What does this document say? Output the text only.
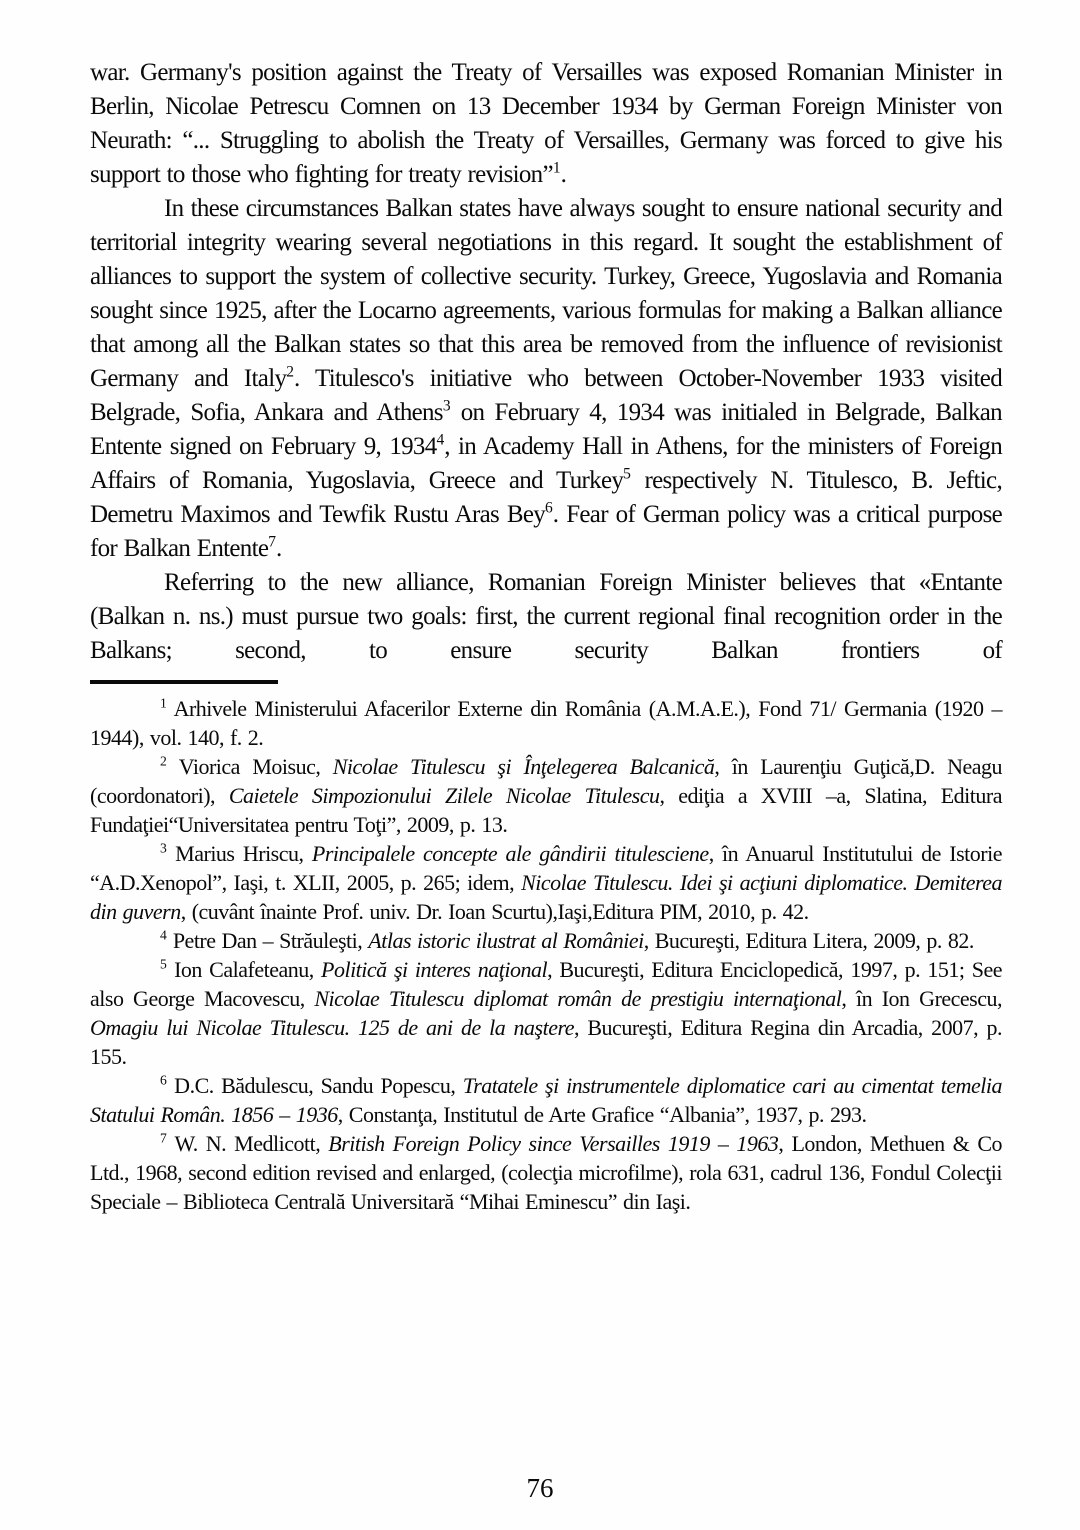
war. Germany's position against the Treaty of Versailles was exposed Romanian Minister in Berlin, Nicolae Petrescu Comnen on 13 December 1934 by German Foreign Minister von Neurath: “... Struggling to abolish the Treaty of Versailles, Germany was forced to give his support to those who fighting for treaty revision”$^1$.

In these circumstances Balkan states have always sought to ensure national security and territorial integrity wearing several negotiations in this regard. It sought the establishment of alliances to support the system of collective security. Turkey, Greece, Yugoslavia and Romania sought since 1925, after the Locarno agreements, various formulas for making a Balkan alliance that among all the Balkan states so that this area be removed from the influence of revisionist Germany and Italy$^2$. Titulesco's initiative who between October-November 1933 visited Belgrade, Sofia, Ankara and Athens$^3$ on February 4, 1934 was initialed in Belgrade, Balkan Entente signed on February 9, 1934$^4$, in Academy Hall in Athens, for the ministers of Foreign Affairs of Romania, Yugoslavia, Greece and Turkey$^5$ respectively N. Titulesco, B. Jeftic, Demetru Maximos and Tewfik Rustu Aras Bey$^6$. Fear of German policy was a critical purpose for Balkan Entente$^7$.

Referring to the new alliance, Romanian Foreign Minister believes that «Entante (Balkan n. ns.) must pursue two goals: first, the current regional final recognition order in the Balkans; second, to ensure security Balkan frontiers of

$^1$ Arhivele Ministerului Afacerilor Externe din România (A.M.A.E.), Fond 71/ Germania (1920 – 1944), vol. 140, f. 2.

$^2$ Viorica Moisuc, Nicolae Titulescu şi Înţelegerea Balcanică, în Laurenţiu Guţică,D. Neagu (coordonatori), Caietele Simpozionului Zilele Nicolae Titulescu, ediţia a XVIII –a, Slatina, Editura Fundaţiei“Universitatea pentru Toţi”, 2009, p. 13.

$^3$ Marius Hriscu, Principalele concepte ale gândirii titulesciene, în Anuarul Institutului de Istorie “A.D.Xenopol”, Iaşi, t. XLII, 2005, p. 265; idem, Nicolae Titulescu. Idei şi acţiuni diplomatice. Demiterea din guvern, (cuvânt înainte Prof. univ. Dr. Ioan Scurtu),Iaşi,Editura PIM, 2010, p. 42.

$^4$ Petre Dan – Străuleşti, Atlas istoric ilustrat al României, Bucureşti, Editura Litera, 2009, p. 82.

$^5$ Ion Calafeteanu, Politică şi interes naţional, Bucureşti, Editura Enciclopedică, 1997, p. 151; See also George Macovescu, Nicolae Titulescu diplomat român de prestigiu internaţional, în Ion Grecescu, Omagiu lui Nicolae Titulescu. 125 de ani de la naştere, Bucureşti, Editura Regina din Arcadia, 2007, p. 155.

$^6$ D.C. Bădulescu, Sandu Popescu, Tratatele şi instrumentele diplomatice cari au cimentat temelia Statului Român. 1856 – 1936, Constanţa, Institutul de Arte Grafice “Albania”, 1937, p. 293.

$^7$ W. N. Medlicott, British Foreign Policy since Versailles 1919 – 1963, London, Methuen & Co Ltd., 1968, second edition revised and enlarged, (colecţia microfilme), rola 631, cadrul 136, Fondul Colecţii Speciale – Biblioteca Centrală Universitară “Mihai Eminescu” din Iaşi.

76
